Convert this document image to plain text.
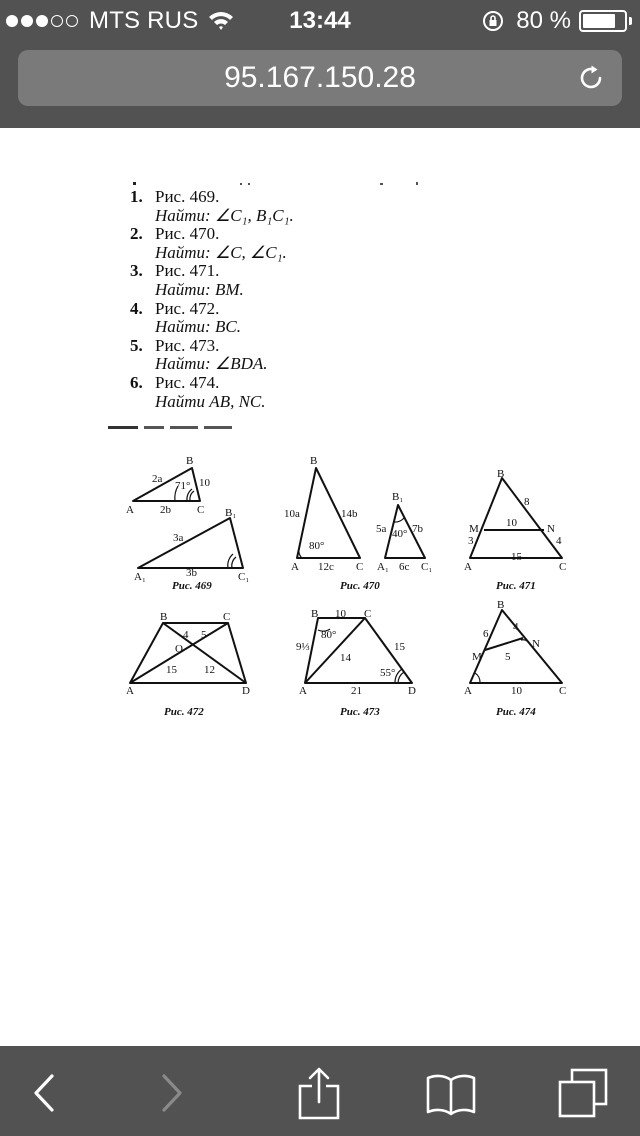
MTS RUS	13:44	80 %
95.167.150.28
1. Рис. 469.
Найти: ∠C₁, B₁C₁.
2. Рис. 470.
Найти: ∠C, ∠C₁.
3. Рис. 471.
Найти: BM.
4. Рис. 472.
Найти: BC.
5. Рис. 473.
Найти: ∠BDA.
6. Рис. 474.
Найти AB, NC.
B
A	C
2a
2b
10
71°
B₁
A₁	C₁
3a
3b
Рис. 469
B
A	C
10a	14b
12c
80°
B₁
A₁	C₁
5a 7b
6c
40°
Рис. 470
B
A	C
M	N
8
10
3	4
15
Рис. 471
B	C
A	D
O
4 5
15 12
Рис. 472
B	C
A	D
10
9⅓
14
15
21
80°
55°
Рис. 473
B
A	C
M
N
6
4
5
10
Рис. 474
